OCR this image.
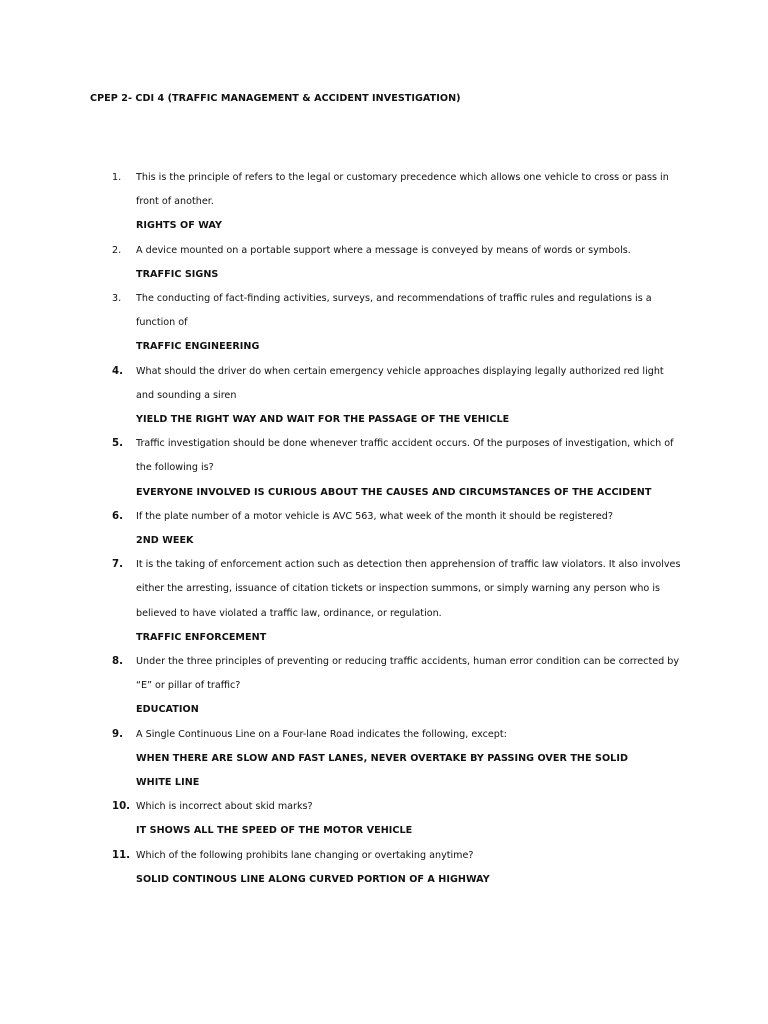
CPEP 2- CDI 4 (TRAFFIC MANAGEMENT & ACCIDENT INVESTIGATION)
1. This is the principle of refers to the legal or customary precedence which allows one vehicle to cross or pass in front of another.
RIGHTS OF WAY
2. A device mounted on a portable support where a message is conveyed by means of words or symbols.
TRAFFIC SIGNS
3. The conducting of fact-finding activities, surveys, and recommendations of traffic rules and regulations is a function of
TRAFFIC ENGINEERING
4. What should the driver do when certain emergency vehicle approaches displaying legally authorized red light and sounding a siren
YIELD THE RIGHT WAY AND WAIT FOR THE PASSAGE OF THE VEHICLE
5. Traffic investigation should be done whenever traffic accident occurs. Of the purposes of investigation, which of the following is?
EVERYONE INVOLVED IS CURIOUS ABOUT THE CAUSES AND CIRCUMSTANCES OF THE ACCIDENT
6. If the plate number of a motor vehicle is AVC 563, what week of the month it should be registered?
2ND WEEK
7. It is the taking of enforcement action such as detection then apprehension of traffic law violators. It also involves either the arresting, issuance of citation tickets or inspection summons, or simply warning any person who is believed to have violated a traffic law, ordinance, or regulation.
TRAFFIC ENFORCEMENT
8. Under the three principles of preventing or reducing traffic accidents, human error condition can be corrected by “E” or pillar of traffic?
EDUCATION
9. A Single Continuous Line on a Four-lane Road indicates the following, except:
WHEN THERE ARE SLOW AND FAST LANES, NEVER OVERTAKE BY PASSING OVER THE SOLID WHITE LINE
10. Which is incorrect about skid marks?
IT SHOWS ALL THE SPEED OF THE MOTOR VEHICLE
11. Which of the following prohibits lane changing or overtaking anytime?
SOLID CONTINOUS LINE ALONG CURVED PORTION OF A HIGHWAY
